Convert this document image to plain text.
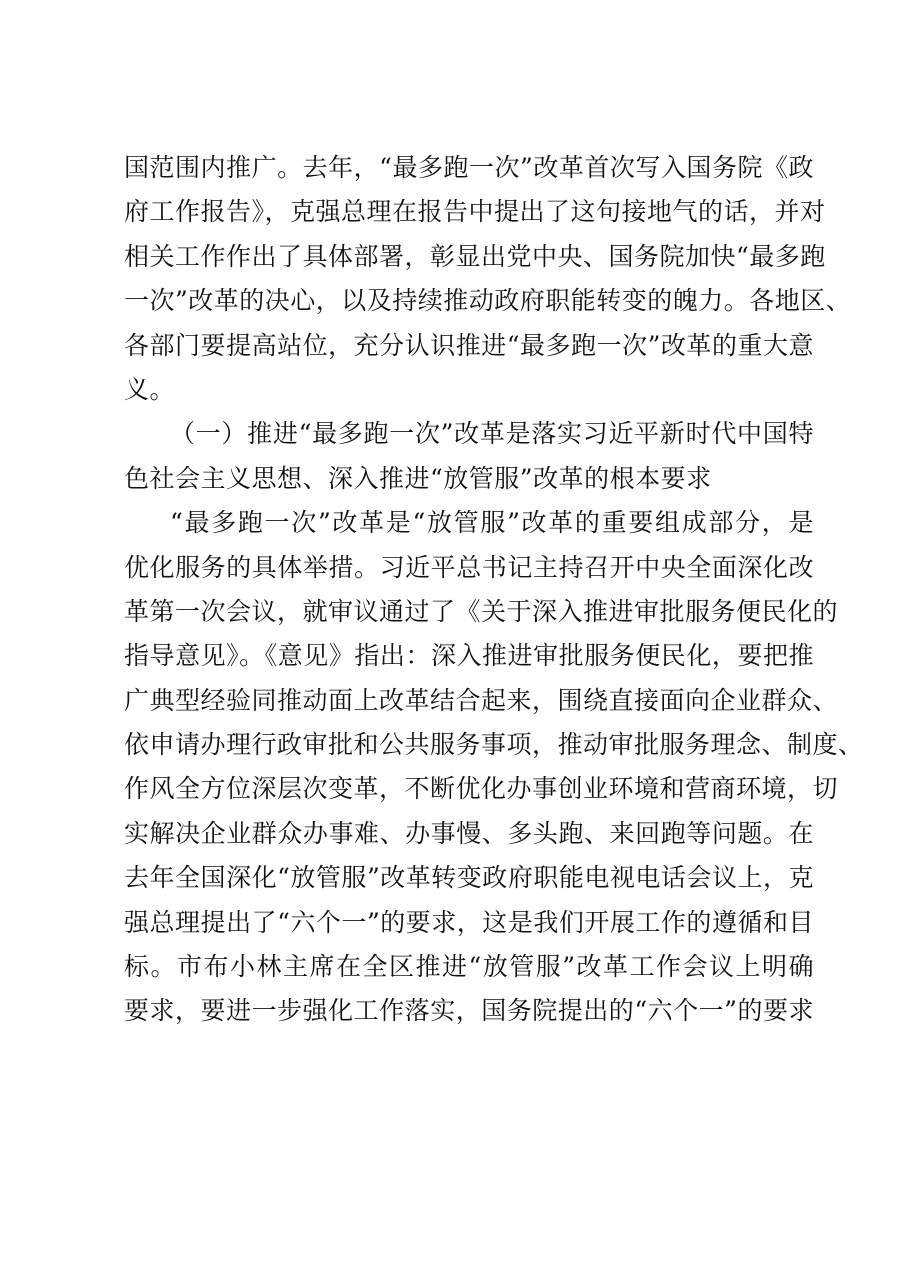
国范围内推广。去年，“最多跑一次”改革首次写入国务院《政
府工作报告》，克强总理在报告中提出了这句接地气的话，并对
相关工作作出了具体部署，彰显出党中央、国务院加快“最多跑
一次”改革的决心，以及持续推动政府职能转变的魄力。各地区、
各部门要提高站位，充分认识推进“最多跑一次”改革的重大意
义。
（一）推进“最多跑一次”改革是落实习近平新时代中国特
色社会主义思想、深入推进“放管服”改革的根本要求
“最多跑一次”改革是“放管服”改革的重要组成部分，是
优化服务的具体举措。习近平总书记主持召开中央全面深化改
革第一次会议，就审议通过了《关于深入推进审批服务便民化的
指导意见》。《意见》指出：深入推进审批服务便民化，要把推
广典型经验同推动面上改革结合起来，围绕直接面向企业群众、
依申请办理行政审批和公共服务事项，推动审批服务理念、制度、
作风全方位深层次变革，不断优化办事创业环境和营商环境，切
实解决企业群众办事难、办事慢、多头跑、来回跑等问题。在
去年全国深化“放管服”改革转变政府职能电视电话会议上，克
强总理提出了“六个一”的要求，这是我们开展工作的遵循和目
标。市布小林主席在全区推进“放管服”改革工作会议上明确
要求，要进一步强化工作落实，国务院提出的“六个一”的要求
